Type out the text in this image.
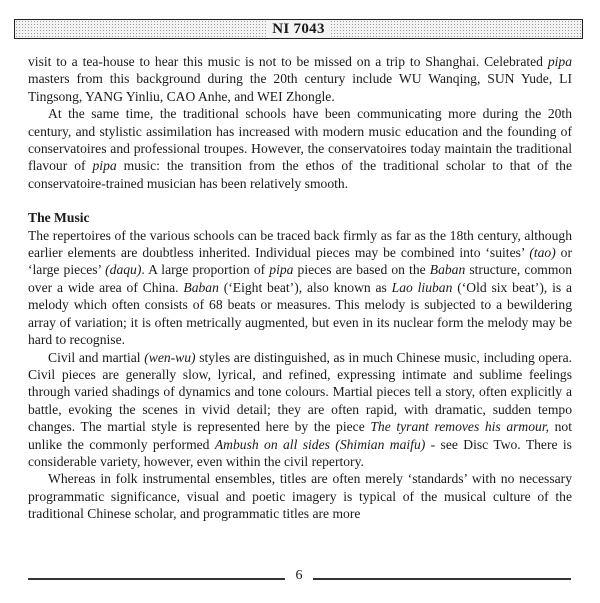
NI 7043

visit to a tea-house to hear this music is not to be missed on a trip to Shanghai. Celebrated pipa masters from this background during the 20th century include WU Wanqing, SUN Yude, LI Tingsong, YANG Yinliu, CAO Anhe, and WEI Zhongle.

At the same time, the traditional schools have been communicating more during the 20th century, and stylistic assimilation has increased with modern music education and the founding of conservatoires and professional troupes. However, the conservatoires today maintain the traditional flavour of pipa music: the transition from the ethos of the traditional scholar to that of the conservatoire-trained musician has been relatively smooth.

The Music

The repertoires of the various schools can be traced back firmly as far as the 18th century, although earlier elements are doubtless inherited. Individual pieces may be combined into ‘suites’ (tao) or ‘large pieces’ (daqu). A large proportion of pipa pieces are based on the Baban structure, common over a wide area of China. Baban (‘Eight beat’), also known as Lao liuban (‘Old six beat’), is a melody which often consists of 68 beats or measures. This melody is subjected to a bewildering array of variation; it is often metrically augmented, but even in its nuclear form the melody may be hard to recognise.

Civil and martial (wen-wu) styles are distinguished, as in much Chinese music, including opera. Civil pieces are generally slow, lyrical, and refined, expressing intimate and sublime feelings through varied shadings of dynamics and tone colours. Martial pieces tell a story, often explicitly a battle, evoking the scenes in vivid detail; they are often rapid, with dramatic, sudden tempo changes. The martial style is represented here by the piece The tyrant removes his armour, not unlike the commonly performed Ambush on all sides (Shimian maifu) - see Disc Two. There is considerable variety, however, even within the civil repertory.

Whereas in folk instrumental ensembles, titles are often merely ‘standards’ with no necessary programmatic significance, visual and poetic imagery is typical of the musical culture of the traditional Chinese scholar, and programmatic titles are more

6
